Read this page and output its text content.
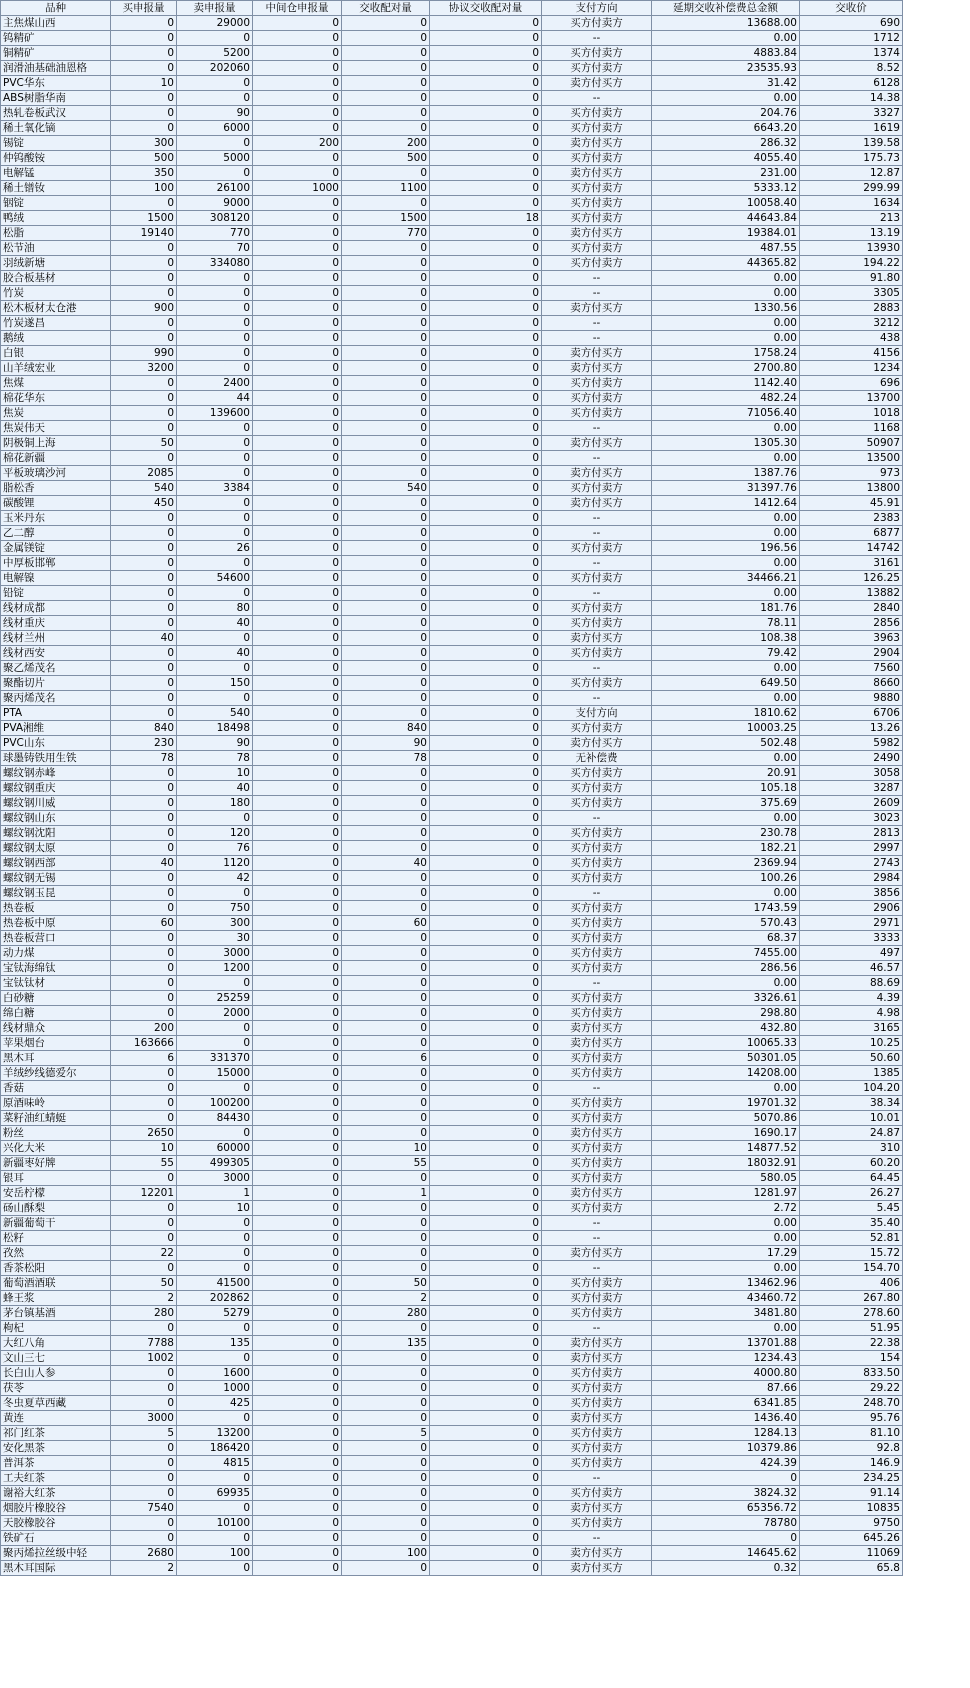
品种	买申报量	卖申报量	中间仓申报量	交收配对量	协议交收配对量	支付方向	延期交收补偿费总金额	交收价
主焦煤山西	0	29000	0	0	0	买方付卖方	13688.00	690
钨精矿	0	0	0	0	0	--	0.00	1712
铜精矿	0	5200	0	0	0	买方付卖方	4883.84	1374
润滑油基础油恩格	0	202060	0	0	0	买方付卖方	23535.93	8.52
PVC华东	10	0	0	0	0	卖方付买方	31.42	6128
ABS树脂华南	0	0	0	0	0	--	0.00	14.38
热轧卷板武汉	0	90	0	0	0	买方付卖方	204.76	3327
稀土氧化镝	0	6000	0	0	0	买方付卖方	6643.20	1619
锡锭	300	0	200	200	0	卖方付买方	286.32	139.58
仲钨酸铵	500	5000	0	500	0	买方付卖方	4055.40	175.73
电解锰	350	0	0	0	0	卖方付买方	231.00	12.87
稀土镨钕	100	26100	1000	1100	0	买方付卖方	5333.12	299.99
铟锭	0	9000	0	0	0	买方付卖方	10058.40	1634
鸭绒	1500	308120	0	1500	18	买方付卖方	44643.84	213
松脂	19140	770	0	770	0	卖方付买方	19384.01	13.19
松节油	0	70	0	0	0	买方付卖方	487.55	13930
羽绒新塘	0	334080	0	0	0	买方付卖方	44365.82	194.22
胶合板基材	0	0	0	0	0	--	0.00	91.80
竹炭	0	0	0	0	0	--	0.00	3305
松木板材太仓港	900	0	0	0	0	卖方付买方	1330.56	2883
竹炭遂昌	0	0	0	0	0	--	0.00	3212
鹅绒	0	0	0	0	0	--	0.00	438
白银	990	0	0	0	0	卖方付买方	1758.24	4156
山羊绒宏业	3200	0	0	0	0	卖方付买方	2700.80	1234
焦煤	0	2400	0	0	0	买方付卖方	1142.40	696
棉花华东	0	44	0	0	0	买方付卖方	482.24	13700
焦炭	0	139600	0	0	0	买方付卖方	71056.40	1018
焦炭伟天	0	0	0	0	0	--	0.00	1168
阴极铜上海	50	0	0	0	0	卖方付买方	1305.30	50907
棉花新疆	0	0	0	0	0	--	0.00	13500
平板玻璃沙河	2085	0	0	0	0	卖方付买方	1387.76	973
脂松香	540	3384	0	540	0	买方付卖方	31397.76	13800
碳酸锂	450	0	0	0	0	卖方付买方	1412.64	45.91
玉米丹东	0	0	0	0	0	--	0.00	2383
乙二醇	0	0	0	0	0	--	0.00	6877
金属镁锭	0	26	0	0	0	买方付卖方	196.56	14742
中厚板邯郸	0	0	0	0	0	--	0.00	3161
电解镍	0	54600	0	0	0	买方付卖方	34466.21	126.25
铅锭	0	0	0	0	0	--	0.00	13882
线材成都	0	80	0	0	0	买方付卖方	181.76	2840
线材重庆	0	40	0	0	0	买方付卖方	78.11	2856
线材兰州	40	0	0	0	0	卖方付买方	108.38	3963
线材西安	0	40	0	0	0	买方付卖方	79.42	2904
聚乙烯茂名	0	0	0	0	0	--	0.00	7560
聚酯切片	0	150	0	0	0	买方付卖方	649.50	8660
聚丙烯茂名	0	0	0	0	0	--	0.00	9880
PTA	0	540	0	0	0	支付方向	1810.62	6706
PVA湘维	840	18498	0	840	0	买方付卖方	10003.25	13.26
PVC山东	230	90	0	90	0	卖方付买方	502.48	5982
球墨铸铁用生铁	78	78	0	78	0	无补偿费	0.00	2490
螺纹钢赤峰	0	10	0	0	0	买方付卖方	20.91	3058
螺纹钢重庆	0	40	0	0	0	买方付卖方	105.18	3287
螺纹钢川威	0	180	0	0	0	买方付卖方	375.69	2609
螺纹钢山东	0	0	0	0	0	--	0.00	3023
螺纹钢沈阳	0	120	0	0	0	买方付卖方	230.78	2813
螺纹钢太原	0	76	0	0	0	买方付卖方	182.21	2997
螺纹钢西部	40	1120	0	40	0	买方付卖方	2369.94	2743
螺纹钢无锡	0	42	0	0	0	买方付卖方	100.26	2984
螺纹钢玉昆	0	0	0	0	0	--	0.00	3856
热卷板	0	750	0	0	0	买方付卖方	1743.59	2906
热卷板中原	60	300	0	60	0	买方付卖方	570.43	2971
热卷板营口	0	30	0	0	0	买方付卖方	68.37	3333
动力煤	0	3000	0	0	0	买方付卖方	7455.00	497
宝钛海绵钛	0	1200	0	0	0	买方付卖方	286.56	46.57
宝钛钛材	0	0	0	0	0	--	0.00	88.69
白砂糖	0	25259	0	0	0	买方付卖方	3326.61	4.39
绵白糖	0	2000	0	0	0	买方付卖方	298.80	4.98
线材鼎众	200	0	0	0	0	卖方付买方	432.80	3165
苹果烟台	163666	0	0	0	0	卖方付买方	10065.33	10.25
黑木耳	6	331370	0	6	0	买方付卖方	50301.05	50.60
羊绒纱线德爱尔	0	15000	0	0	0	买方付卖方	14208.00	1385
香菇	0	0	0	0	0	--	0.00	104.20
原酒味岭	0	100200	0	0	0	买方付卖方	19701.32	38.34
菜籽油红蜻蜓	0	84430	0	0	0	买方付卖方	5070.86	10.01
粉丝	2650	0	0	0	0	卖方付买方	1690.17	24.87
兴化大米	10	60000	0	10	0	买方付卖方	14877.52	310
新疆枣好牌	55	499305	0	55	0	买方付卖方	18032.91	60.20
银耳	0	3000	0	0	0	买方付卖方	580.05	64.45
安岳柠檬	12201	1	0	1	0	卖方付买方	1281.97	26.27
砀山酥梨	0	10	0	0	0	买方付卖方	2.72	5.45
新疆葡萄干	0	0	0	0	0	--	0.00	35.40
松籽	0	0	0	0	0	--	0.00	52.81
孜然	22	0	0	0	0	卖方付买方	17.29	15.72
香茶松阳	0	0	0	0	0	--	0.00	154.70
葡萄酒酒联	50	41500	0	50	0	买方付卖方	13462.96	406
蜂王浆	2	202862	0	2	0	买方付卖方	43460.72	267.80
茅台镇基酒	280	5279	0	280	0	买方付卖方	3481.80	278.60
枸杞	0	0	0	0	0	--	0.00	51.95
大红八角	7788	135	0	135	0	卖方付买方	13701.88	22.38
文山三七	1002	0	0	0	0	卖方付买方	1234.43	154
长白山人参	0	1600	0	0	0	买方付卖方	4000.80	833.50
茯苓	0	1000	0	0	0	买方付卖方	87.66	29.22
冬虫夏草西藏	0	425	0	0	0	买方付卖方	6341.85	248.70
黄连	3000	0	0	0	0	卖方付买方	1436.40	95.76
祁门红茶	5	13200	0	5	0	买方付卖方	1284.13	81.10
安化黑茶	0	186420	0	0	0	买方付卖方	10379.86	92.8
普洱茶	0	4815	0	0	0	买方付卖方	424.39	146.9
工夫红茶	0	0	0	0	0	--	0	234.25
谢裕大红茶	0	69935	0	0	0	买方付卖方	3824.32	91.14
烟胶片橡胶谷	7540	0	0	0	0	卖方付买方	65356.72	10835
天胶橡胶谷	0	10100	0	0	0	买方付卖方	78780	9750
铁矿石	0	0	0	0	0	--	0	645.26
聚丙烯拉丝级中轻	2680	100	0	100	0	卖方付买方	14645.62	11069
黑木耳国际	2	0	0	0	0	卖方付买方	0.32	65.8
